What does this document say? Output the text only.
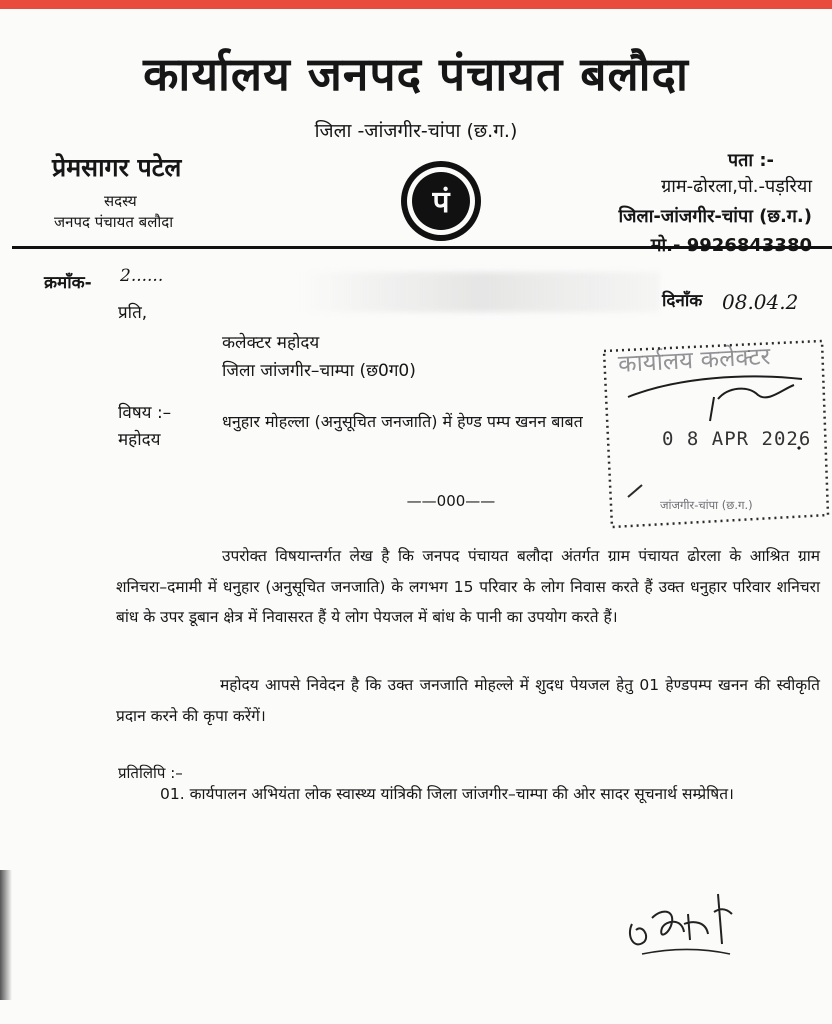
कार्यालय जनपद पंचायत बलौदा
जिला -जांजगीर-चांपा (छ.ग.)
प्रेमसागर पटेल
सदस्य
जनपद पंचायत बलौदा
पं
पता :-
ग्राम-ढोरला,पो.-पड़रिया
जिला-जांजगीर-चांपा (छ.ग.)
क्रमाँक- 2......
दिनाँक 08.04.2
प्रति,
कलेक्टर महोदय
जिला जांजगीर–चाम्पा (छ0ग0)
विषय :–	धनुहार मोहल्ला (अनुसूचित जनजाति) में हेण्ड पम्प खनन बाबत
महोदय
——000——
उपरोक्त विषयान्तर्गत लेख है कि जनपद पंचायत बलौदा अंतर्गत ग्राम पंचायत ढोरला के आश्रित ग्राम शनिचरा–दमामी में धनुहार (अनुसूचित जनजाति) के लगभग 15 परिवार के लोग निवास करते हैं उक्त धनुहार परिवार शनिचरा बांध के उपर डूबान क्षेत्र में निवासरत हैं ये लोग पेयजल में बांध के पानी का उपयोग करते हैं।
महोदय आपसे निवेदन है कि उक्त जनजाति मोहल्ले में शुदध पेयजल हेतु 01 हेण्डपम्प खनन की स्वीकृति प्रदान करने की कृपा करेंगें।
प्रतिलिपि :–
01. कार्यपालन अभियंता लोक स्वास्थ्य यांत्रिकी जिला जांजगीर–चाम्पा की ओर सादर सूचनार्थ सम्प्रेषित।
कार्यालय कलेक्टर
0 8 APR 2026
जांजगीर-चांपा (छ.ग.)
